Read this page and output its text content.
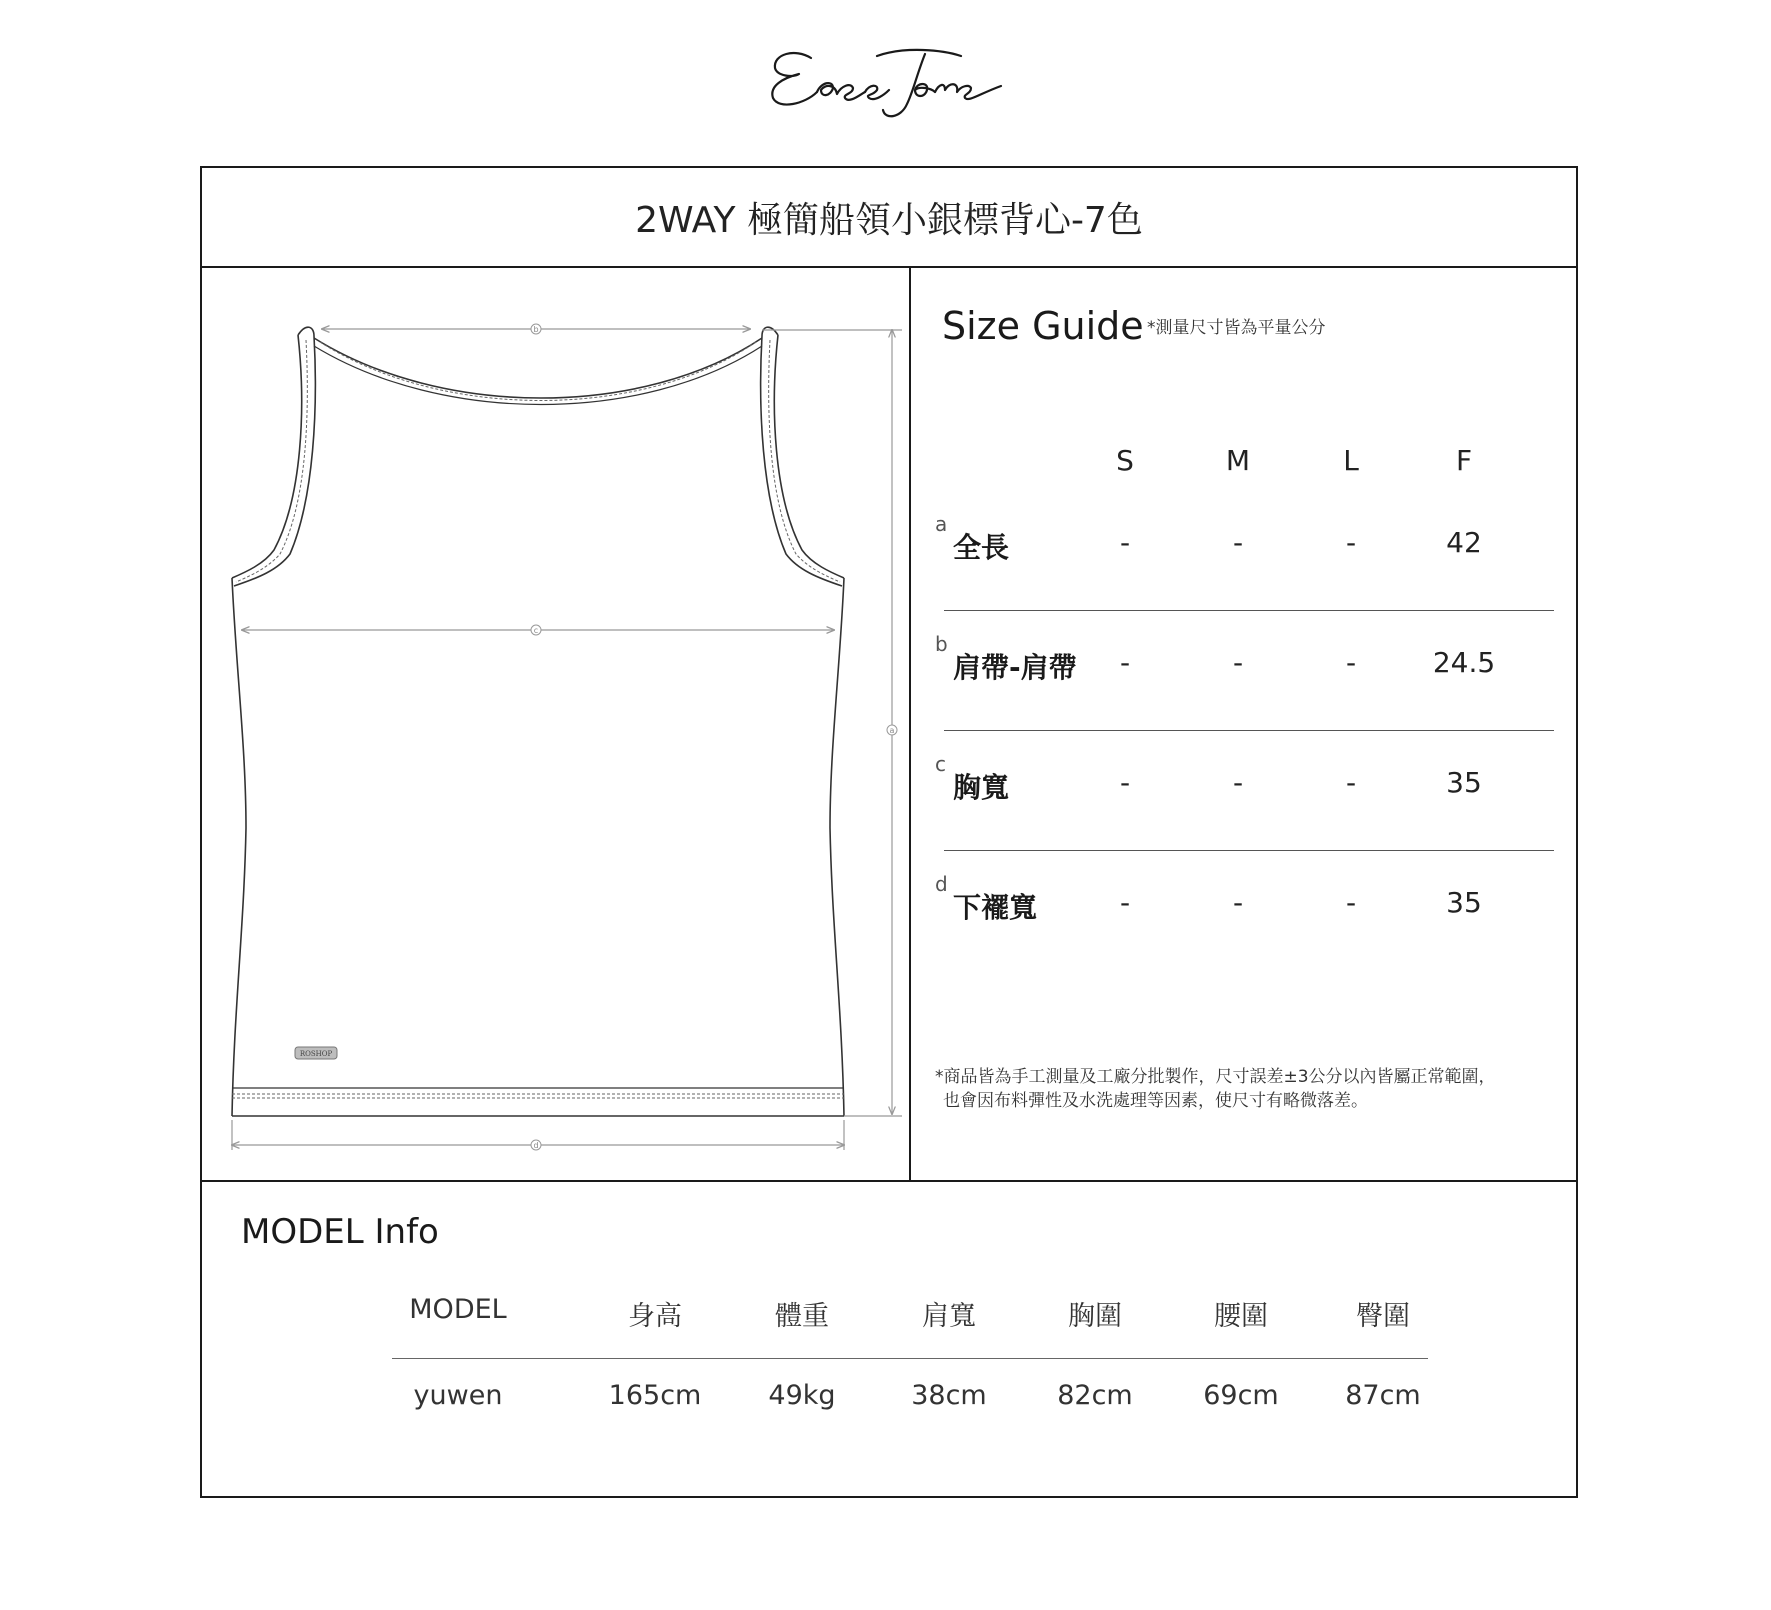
2WAY 極簡船領小銀標背心-7色
ROSHOP
b
c
a
d
Size Guide *測量尺寸皆為平量公分
S	M	L	F
a
全長	-	-	-	42
b
肩帶-肩帶	-	-	-	24.5
c
胸寬	-	-	-	35
d
下襬寬	-	-	-	35
*商品皆為手工測量及工廠分批製作，尺寸誤差±3公分以內皆屬正常範圍，
也會因布料彈性及水洗處理等因素，使尺寸有略微落差。
MODEL Info
MODEL	身高	體重	肩寬	胸圍	腰圍	臀圍
yuwen	165cm	49kg	38cm	82cm	69cm	87cm
